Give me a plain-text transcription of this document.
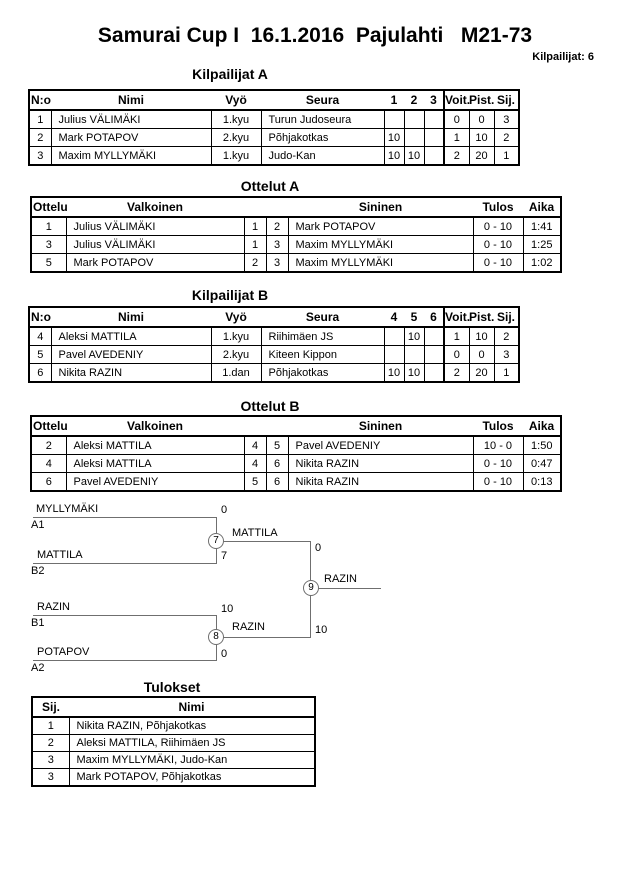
Samurai Cup I  16.1.2016  Pajulahti   M21-73
Kilpailijat: 6
Kilpailijat A
N:o	Nimi	Vyö	Seura	1	2	3	Voit.	Pist.	Sij.
1	Julius VÄLIMÄKI	1.kyu	Turun Judoseura				0	0	3
2	Mark POTAPOV	2.kyu	Põhjakotkas	10			1	10	2
3	Maxim MYLLYMÄKI	1.kyu	Judo-Kan	10	10		2	20	1
Ottelut A
Ottelu	Valkoinen			Sininen	Tulos	Aika
1	Julius VÄLIMÄKI	1	2	Mark POTAPOV	0 - 10	1:41
3	Julius VÄLIMÄKI	1	3	Maxim MYLLYMÄKI	0 - 10	1:25
5	Mark POTAPOV	2	3	Maxim MYLLYMÄKI	0 - 10	1:02
Kilpailijat B
N:o	Nimi	Vyö	Seura	4	5	6	Voit.	Pist.	Sij.
4	Aleksi MATTILA	1.kyu	Riihimäen JS		10		1	10	2
5	Pavel AVEDENIY	2.kyu	Kiteen Kippon				0	0	3
6	Nikita RAZIN	1.dan	Põhjakotkas	10	10		2	20	1
Ottelut B
Ottelu	Valkoinen			Sininen	Tulos	Aika
2	Aleksi MATTILA	4	5	Pavel AVEDENIY	10 - 0	1:50
4	Aleksi MATTILA	4	6	Nikita RAZIN	0 - 10	0:47
6	Pavel AVEDENIY	5	6	Nikita RAZIN	0 - 10	0:13
MYLLYMÄKI
A1
MATTILA
B2
0
7
7
MATTILA
RAZIN
B1
POTAPOV
A2
10
0
8
RAZIN
0
10
9
RAZIN
Tulokset
Sij.	Nimi
1	Nikita RAZIN, Põhjakotkas
2	Aleksi MATTILA, Riihimäen JS
3	Maxim MYLLYMÄKI, Judo-Kan
3	Mark POTAPOV, Põhjakotkas
